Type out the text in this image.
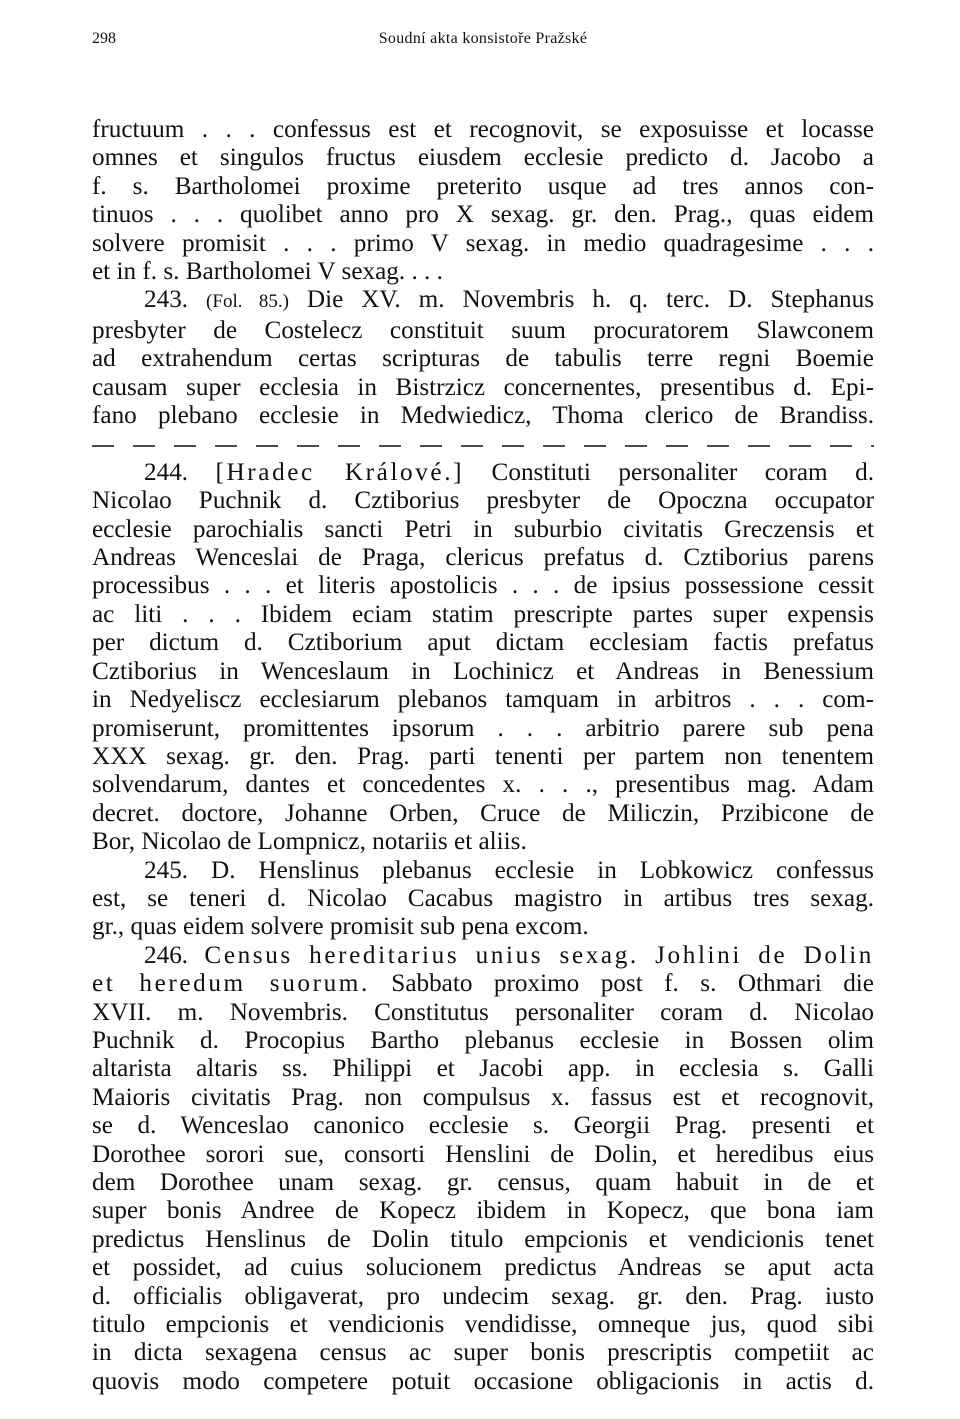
298	Soudní akta konsistoře Pražské
fructuum . . . confessus est et recognovit, se exposuisse et locasse
omnes et singulos fructus eiusdem ecclesie predicto d. Jacobo a
f. s. Bartholomei proxime preterito usque ad tres annos con-
tinuos . . . quolibet anno pro X sexag. gr. den. Prag., quas eidem
solvere promisit . . . primo V sexag. in medio quadragesime . . .
et in f. s. Bartholomei V sexag. . . .
243. (Fol. 85.) Die XV. m. Novembris h. q. terc. D. Stephanus
presbyter de Costelecz constituit suum procuratorem Slawconem
ad extrahendum certas scripturas de tabulis terre regni Boemie
causam super ecclesia in Bistrzicz concernentes, presentibus d. Epi-
fano plebano ecclesie in Medwiedicz, Thoma clerico de Brandiss.
244. [Hradec Králové.] Constituti personaliter coram d.
Nicolao Puchnik d. Cztiborius presbyter de Opoczna occupator
ecclesie parochialis sancti Petri in suburbio civitatis Greczensis et
Andreas Wenceslai de Praga, clericus prefatus d. Cztiborius parens
processibus . . . et literis apostolicis . . . de ipsius possessione cessit
ac liti . . . Ibidem eciam statim prescripte partes super expensis
per dictum d. Cztiborium aput dictam ecclesiam factis prefatus
Cztiborius in Wenceslaum in Lochinicz et Andreas in Benessium
in Nedyeliscz ecclesiarum plebanos tamquam in arbitros . . . com-
promiserunt, promittentes ipsorum . . . arbitrio parere sub pena
XXX sexag. gr. den. Prag. parti tenenti per partem non tenentem
solvendarum, dantes et concedentes x. . . ., presentibus mag. Adam
decret. doctore, Johanne Orben, Cruce de Miliczin, Przibicone de
Bor, Nicolao de Lompnicz, notariis et aliis.
245. D. Henslinus plebanus ecclesie in Lobkowicz confessus
est, se teneri d. Nicolao Cacabus magistro in artibus tres sexag.
gr., quas eidem solvere promisit sub pena excom.
246. Census hereditarius unius sexag. Johlini de Dolin
et heredum suorum. Sabbato proximo post f. s. Othmari die
XVII. m. Novembris. Constitutus personaliter coram d. Nicolao
Puchnik d. Procopius Bartho plebanus ecclesie in Bossen olim
altarista altaris ss. Philippi et Jacobi app. in ecclesia s. Galli
Maioris civitatis Prag. non compulsus x. fassus est et recognovit,
se d. Wenceslao canonico ecclesie s. Georgii Prag. presenti et
Dorothee sorori sue, consorti Henslini de Dolin, et heredibus eius
dem Dorothee unam sexag. gr. census, quam habuit in de et
super bonis Andree de Kopecz ibidem in Kopecz, que bona iam
predictus Henslinus de Dolin titulo empcionis et vendicionis tenet
et possidet, ad cuius solucionem predictus Andreas se aput acta
d. officialis obligaverat, pro undecim sexag. gr. den. Prag. iusto
titulo empcionis et vendicionis vendidisse, omneque jus, quod sibi
in dicta sexagena census ac super bonis prescriptis competiit ac
quovis modo competere potuit occasione obligacionis in actis d.
